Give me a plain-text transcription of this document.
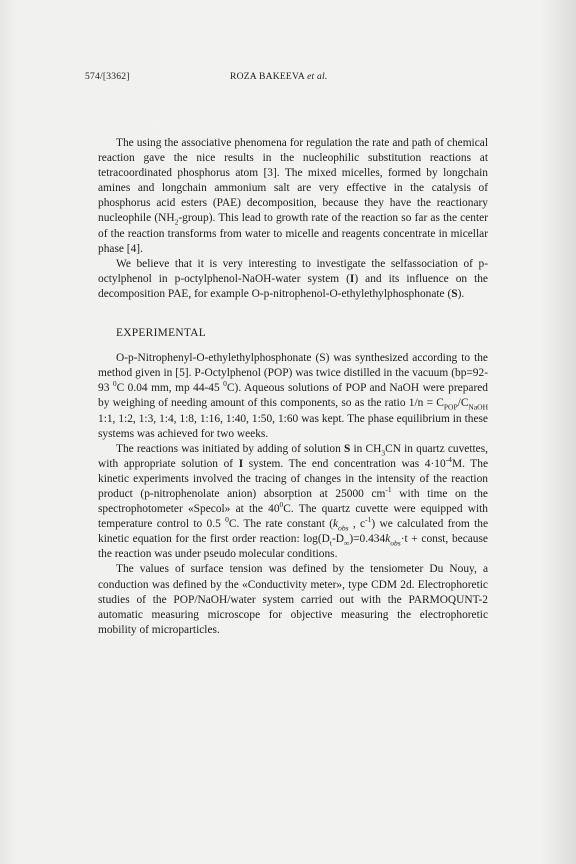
574/[3362]	ROZA BAKEEVA et al.

The using the associative phenomena for regulation the rate and path of chemical reaction gave the nice results in the nucleophilic substitution reactions at tetracoordinated phosphorus atom [3]. The mixed micelles, formed by longchain amines and longchain ammonium salt are very effective in the catalysis of phosphorus acid esters (PAE) decomposition, because they have the reactionary nucleophile $(NH_2-group)$. This lead to growth rate of the reaction so far as the center of the reaction transforms from water to micelle and reagents concentrate in micellar phase [4].

We believe that it is very interesting to investigate the selfassociation of p-octylphenol in p-octylphenol-NaOH-water system (I) and its influence on the decomposition PAE, for example O-p-nitrophenol-O-ethylethylphosphonate (S).

EXPERIMENTAL

O-p-Nitrophenyl-O-ethylethylphosphonate (S) was synthesized according to the method given in [5]. P-Octylphenol (POP) was twice distilled in the vacuum (bp=92-93 $^0$C 0.04 mm, mp 44-45 $^0$C). Aqueous solutions of POP and NaOH were prepared by weighing of needing amount of this components, so as the ratio $1/n = C_{POP}/C_{NaOH}$ 1:1, 1:2, 1:3, 1:4, 1:8, 1:16, 1:40, 1:50, 1:60 was kept. The phase equilibrium in these systems was achieved for two weeks.

The reactions was initiated by adding of solution S in $CH_3CN$ in quartz cuvettes, with appropriate solution of I system. The end concentration was $4\cdot 10^{-4}M$. The kinetic experiments involved the tracing of changes in the intensity of the reaction product (p-nitrophenolate anion) absorption at 25000 $cm^{-1}$ with time on the spectrophotometer «Specol» at the $40^0C$. The quartz cuvette were equipped with temperature control to 0.5 $^0$C. The rate constant ($k_{obs}$ , $c^{-1}$) we calculated from the kinetic equation for the first order reaction: $\log(D_t-D_\infty)=0.434k_{obs}\cdot t$ + const, because the reaction was under pseudo molecular conditions.

The values of surface tension was defined by the tensiometer Du Nouy, a conduction was defined by the «Conductivity meter», type CDM 2d. Electrophoretic studies of the POP/NaOH/water system carried out with the PARMOQUNT-2 automatic measuring microscope for objective measuring the electrophoretic mobility of microparticles.
